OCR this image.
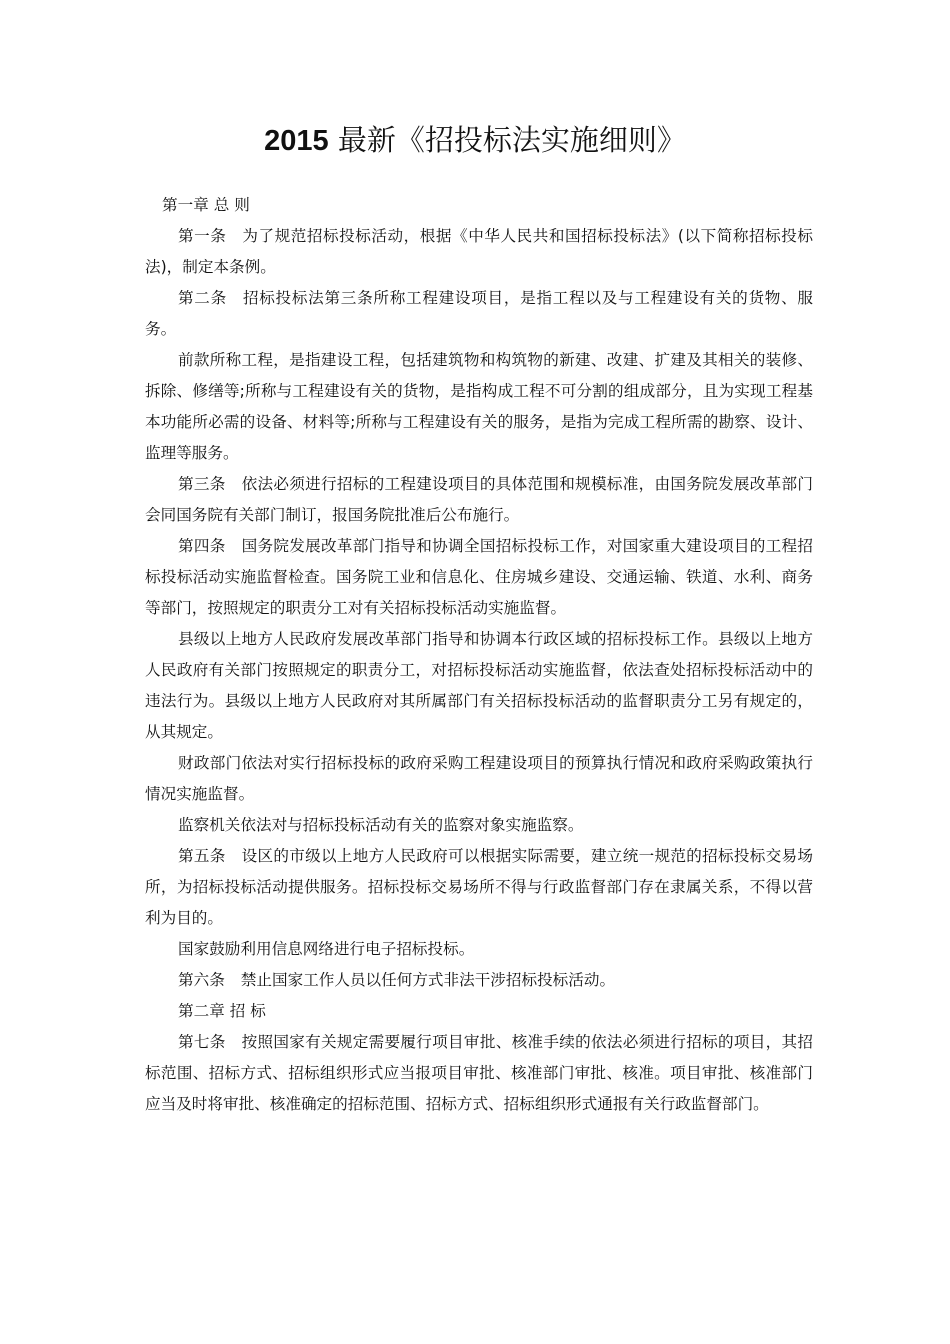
2015 最新《招投标法实施细则》

第一章 总 则

第一条 为了规范招标投标活动，根据《中华人民共和国招标投标法》(以下简称招标投标法)，制定本条例。

第二条 招标投标法第三条所称工程建设项目，是指工程以及与工程建设有关的货物、服务。

前款所称工程，是指建设工程，包括建筑物和构筑物的新建、改建、扩建及其相关的装修、拆除、修缮等;所称与工程建设有关的货物，是指构成工程不可分割的组成部分，且为实现工程基本功能所必需的设备、材料等;所称与工程建设有关的服务，是指为完成工程所需的勘察、设计、监理等服务。

第三条 依法必须进行招标的工程建设项目的具体范围和规模标准，由国务院发展改革部门会同国务院有关部门制订，报国务院批准后公布施行。

第四条 国务院发展改革部门指导和协调全国招标投标工作，对国家重大建设项目的工程招标投标活动实施监督检查。国务院工业和信息化、住房城乡建设、交通运输、铁道、水利、商务等部门，按照规定的职责分工对有关招标投标活动实施监督。

县级以上地方人民政府发展改革部门指导和协调本行政区域的招标投标工作。县级以上地方人民政府有关部门按照规定的职责分工，对招标投标活动实施监督，依法查处招标投标活动中的违法行为。县级以上地方人民政府对其所属部门有关招标投标活动的监督职责分工另有规定的，从其规定。

财政部门依法对实行招标投标的政府采购工程建设项目的预算执行情况和政府采购政策执行情况实施监督。

监察机关依法对与招标投标活动有关的监察对象实施监察。

第五条 设区的市级以上地方人民政府可以根据实际需要，建立统一规范的招标投标交易场所，为招标投标活动提供服务。招标投标交易场所不得与行政监督部门存在隶属关系，不得以营利为目的。

国家鼓励利用信息网络进行电子招标投标。

第六条 禁止国家工作人员以任何方式非法干涉招标投标活动。

第二章 招 标

第七条 按照国家有关规定需要履行项目审批、核准手续的依法必须进行招标的项目，其招标范围、招标方式、招标组织形式应当报项目审批、核准部门审批、核准。项目审批、核准部门应当及时将审批、核准确定的招标范围、招标方式、招标组织形式通报有关行政监督部门。
